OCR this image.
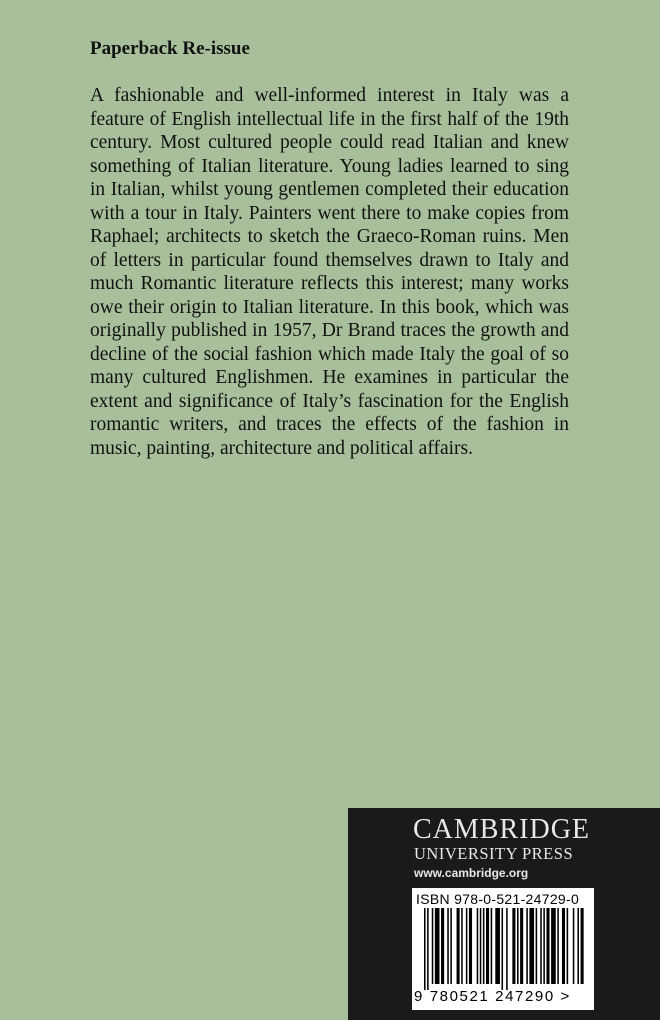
Paperback Re-issue

A fashionable and well-informed interest in Italy was a feature of English intellectual life in the first half of the 19th century. Most cultured people could read Italian and knew something of Italian literature. Young ladies learned to sing in Italian, whilst young gentlemen completed their education with a tour in Italy. Painters went there to make copies from Raphael; architects to sketch the Graeco-Roman ruins. Men of letters in particular found themselves drawn to Italy and much Romantic literature reflects this interest; many works owe their origin to Italian literature. In this book, which was originally published in 1957, Dr Brand traces the growth and decline of the social fashion which made Italy the goal of so many cultured Englishmen. He examines in particular the extent and significance of Italy’s fascination for the English romantic writers, and traces the effects of the fashion in music, painting, architecture and political affairs.

CAMBRIDGE
UNIVERSITY PRESS
www.cambridge.org
ISBN 978-0-521-24729-0
9 780521 247290 >
